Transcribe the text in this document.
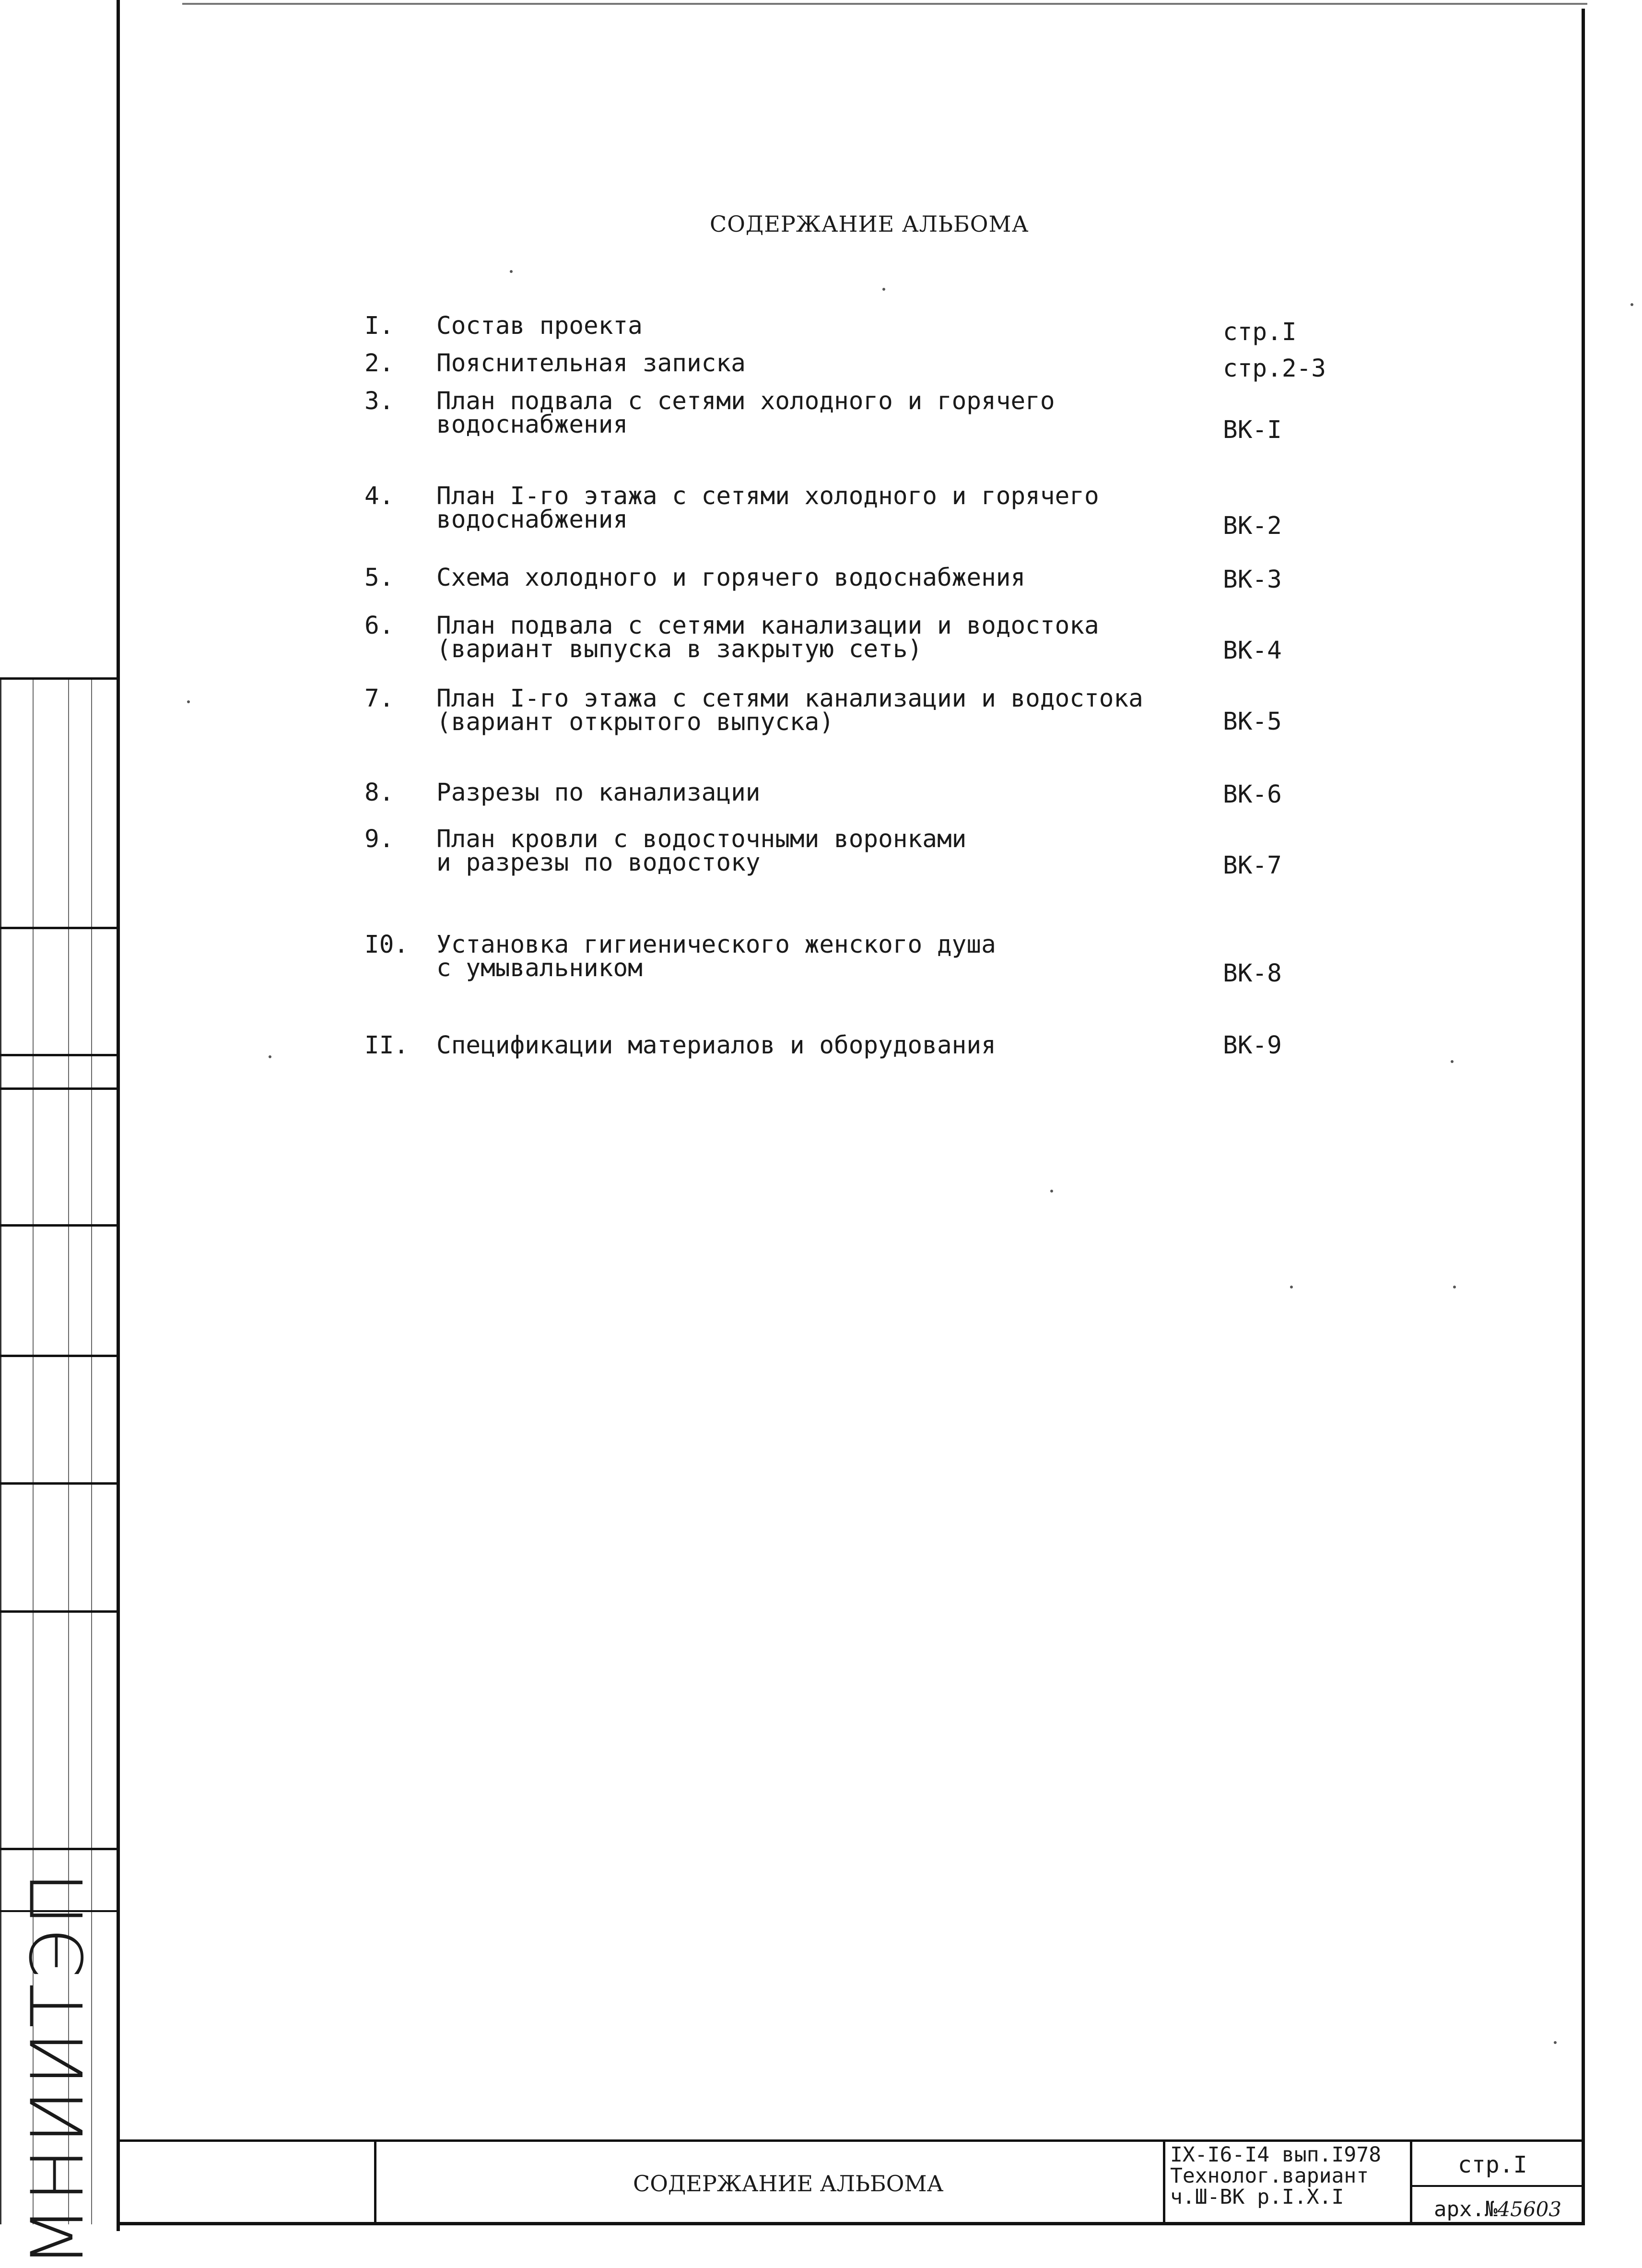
СОДЕРЖАНИЕ АЛЬБОМА
I. Состав проекта	стр.I
2. Пояснительная записка	стр.2-3
3. План подвала с сетями холодного и горячего
водоснабжения	ВК-I
4. План I-го этажа с сетями холодного и горячего
водоснабжения	ВК-2
5. Схема холодного и горячего водоснабжения	ВК-3
6. План подвала с сетями канализации и водостока
(вариант выпуска в закрытую сеть)	ВК-4
7. План I-го этажа с сетями канализации и водостока
(вариант открытого выпуска)	ВК-5
8. Разрезы по канализации	ВК-6
9. План кровли с водосточными воронками
и разрезы по водостоку	ВК-7
I0. Установка гигиенического женского душа
с умывальником	ВК-8
II. Спецификации материалов и оборудования	ВК-9
МНИИТЭП	СОДЕРЖАНИЕ АЛЬБОМА
IX-I6-I4 вып.I978
Технолог.вариант
ч.Ш-ВК р.I.X.I
стр.I
арх.№45603
